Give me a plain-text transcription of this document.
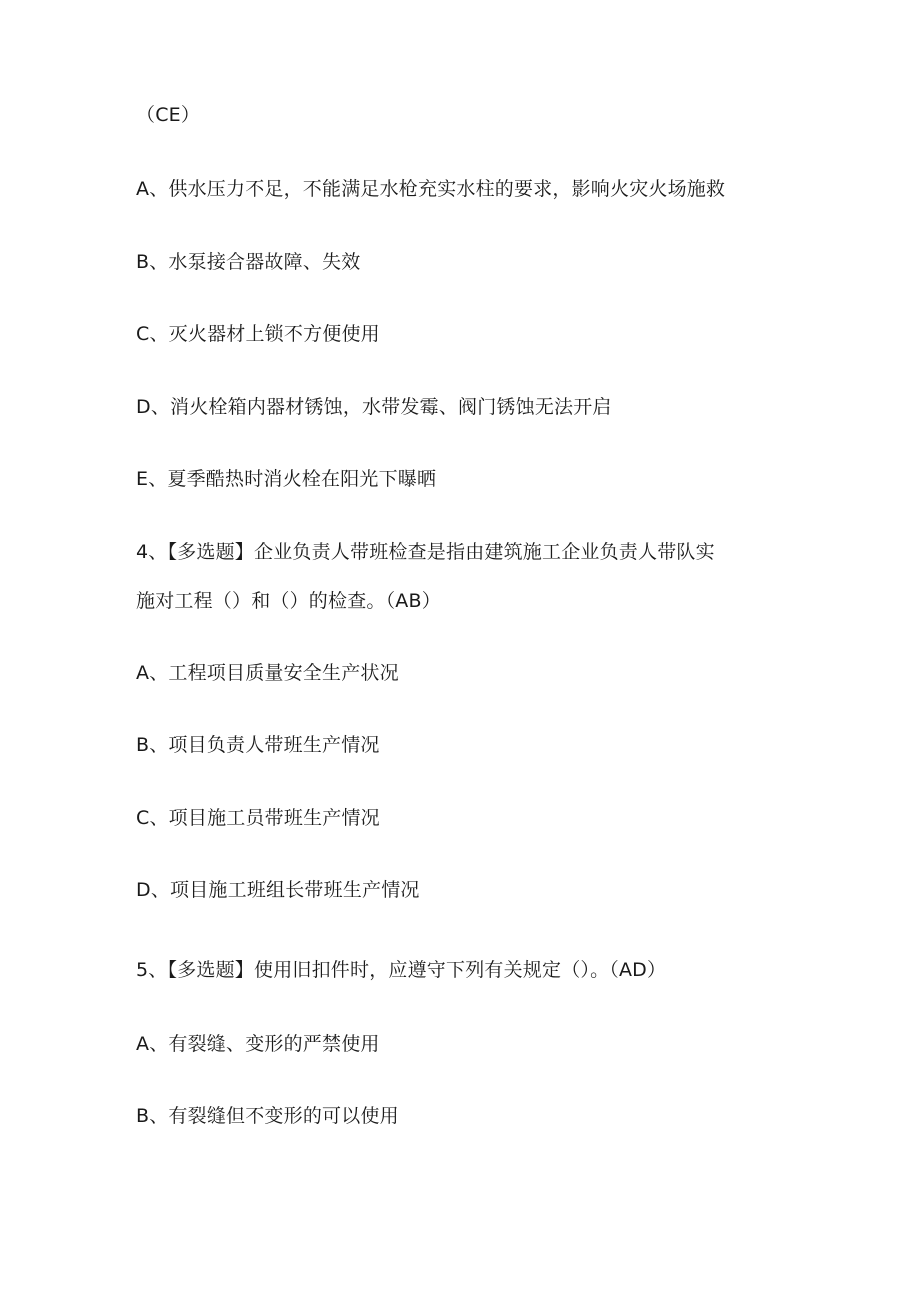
（CE）
A、供水压力不足，不能满足水枪充实水柱的要求，影响火灾火场施救
B、水泵接合器故障、失效
C、灭火器材上锁不方便使用
D、消火栓箱内器材锈蚀，水带发霉、阀门锈蚀无法开启
E、夏季酷热时消火栓在阳光下曝晒
4、【多选题】企业负责人带班检查是指由建筑施工企业负责人带队实
施对工程（）和（）的检查。（AB）
A、工程项目质量安全生产状况
B、项目负责人带班生产情况
C、项目施工员带班生产情况
D、项目施工班组长带班生产情况
5、【多选题】使用旧扣件时，应遵守下列有关规定（）。（AD）
A、有裂缝、变形的严禁使用
B、有裂缝但不变形的可以使用
